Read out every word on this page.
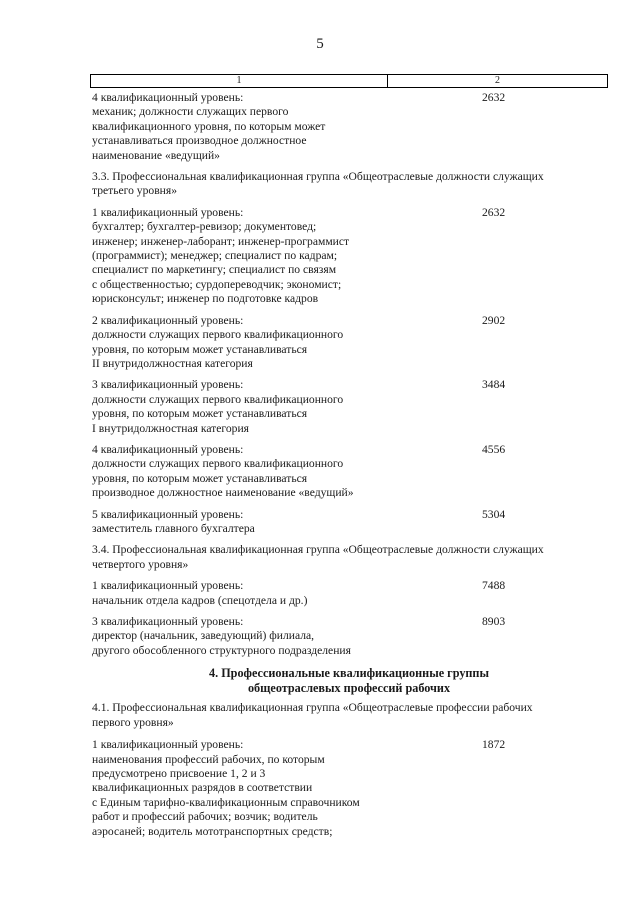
5
1	2
4 квалификационный уровень:
механик; должности служащих первого
квалификационного уровня, по которым может
устанавливаться производное должностное
наименование «ведущий»
2632
3.3. Профессиональная квалификационная группа «Общеотраслевые должности служащих
третьего уровня»
1 квалификационный уровень:
бухгалтер; бухгалтер-ревизор; документовед;
инженер; инженер-лаборант; инженер-программист
(программист); менеджер; специалист по кадрам;
специалист по маркетингу; специалист по связям
с общественностью; сурдопереводчик; экономист;
юрисконсульт; инженер по подготовке кадров
2632
2 квалификационный уровень:
должности служащих первого квалификационного
уровня, по которым может устанавливаться
II внутридолжностная категория
2902
3 квалификационный уровень:
должности служащих первого квалификационного
уровня, по которым может устанавливаться
I внутридолжностная категория
3484
4 квалификационный уровень:
должности служащих первого квалификационного
уровня, по которым может устанавливаться
производное должностное наименование «ведущий»
4556
5 квалификационный уровень:
заместитель главного бухгалтера
5304
3.4. Профессиональная квалификационная группа «Общеотраслевые должности служащих
четвертого уровня»
1 квалификационный уровень:
начальник отдела кадров (спецотдела и др.)
7488
3 квалификационный уровень:
директор (начальник, заведующий) филиала,
другого обособленного структурного подразделения
8903
4. Профессиональные квалификационные группы
общеотраслевых профессий рабочих
4.1. Профессиональная квалификационная группа «Общеотраслевые профессии рабочих
первого уровня»
1 квалификационный уровень:
наименования профессий рабочих, по которым
предусмотрено присвоение 1, 2 и 3
квалификационных разрядов в соответствии
с Единым тарифно-квалификационным справочником
работ и профессий рабочих; возчик; водитель
аэросаней; водитель мототранспортных средств;
1872
